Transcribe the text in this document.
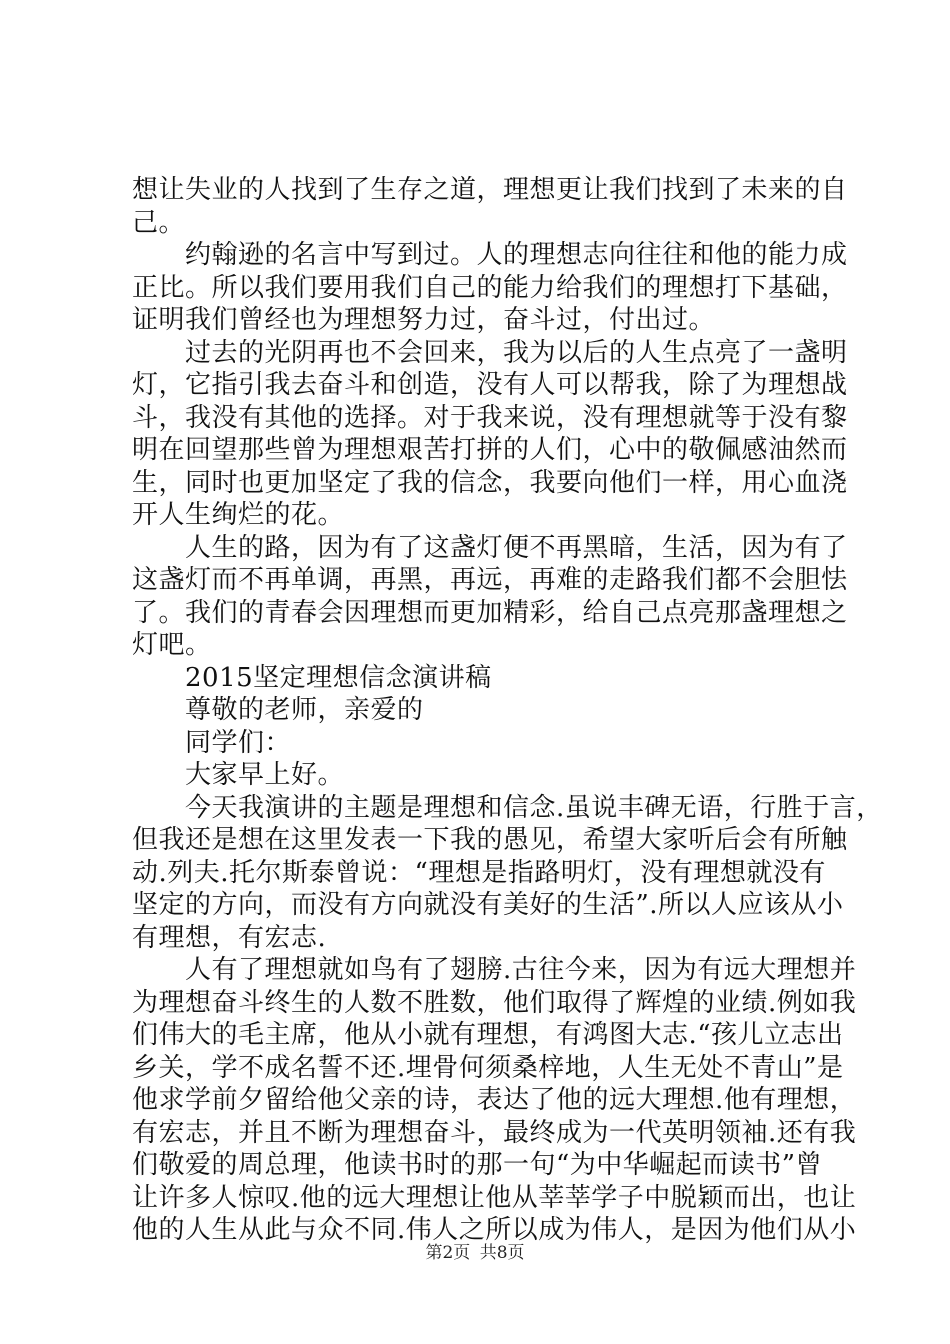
想让失业的人找到了生存之道，理想更让我们找到了未来的自
己。
　　约翰逊的名言中写到过。人的理想志向往往和他的能力成
正比。所以我们要用我们自己的能力给我们的理想打下基础，
证明我们曾经也为理想努力过，奋斗过，付出过。
　　过去的光阴再也不会回来，我为以后的人生点亮了一盏明
灯，它指引我去奋斗和创造，没有人可以帮我，除了为理想战
斗，我没有其他的选择。对于我来说，没有理想就等于没有黎
明在回望那些曾为理想艰苦打拼的人们，心中的敬佩感油然而
生，同时也更加坚定了我的信念，我要向他们一样，用心血浇
开人生绚烂的花。
　　人生的路，因为有了这盏灯便不再黑暗，生活，因为有了
这盏灯而不再单调，再黑，再远，再难的走路我们都不会胆怯
了。我们的青春会因理想而更加精彩，给自己点亮那盏理想之
灯吧。
　　2015坚定理想信念演讲稿
　　尊敬的老师，亲爱的
　　同学们：
　　大家早上好。
　　今天我演讲的主题是理想和信念.虽说丰碑无语，行胜于言，
但我还是想在这里发表一下我的愚见，希望大家听后会有所触
动.列夫.托尔斯泰曾说：“理想是指路明灯，没有理想就没有
坚定的方向，而没有方向就没有美好的生活”.所以人应该从小
有理想，有宏志.
　　人有了理想就如鸟有了翅膀.古往今来，因为有远大理想并
为理想奋斗终生的人数不胜数，他们取得了辉煌的业绩.例如我
们伟大的毛主席，他从小就有理想，有鸿图大志.“孩儿立志出
乡关，学不成名誓不还.埋骨何须桑梓地，人生无处不青山”是
他求学前夕留给他父亲的诗，表达了他的远大理想.他有理想，
有宏志，并且不断为理想奋斗，最终成为一代英明领袖.还有我
们敬爱的周总理，他读书时的那一句“为中华崛起而读书”曾
让许多人惊叹.他的远大理想让他从莘莘学子中脱颖而出，也让
他的人生从此与众不同.伟人之所以成为伟人，是因为他们从小
第2页 共8页
